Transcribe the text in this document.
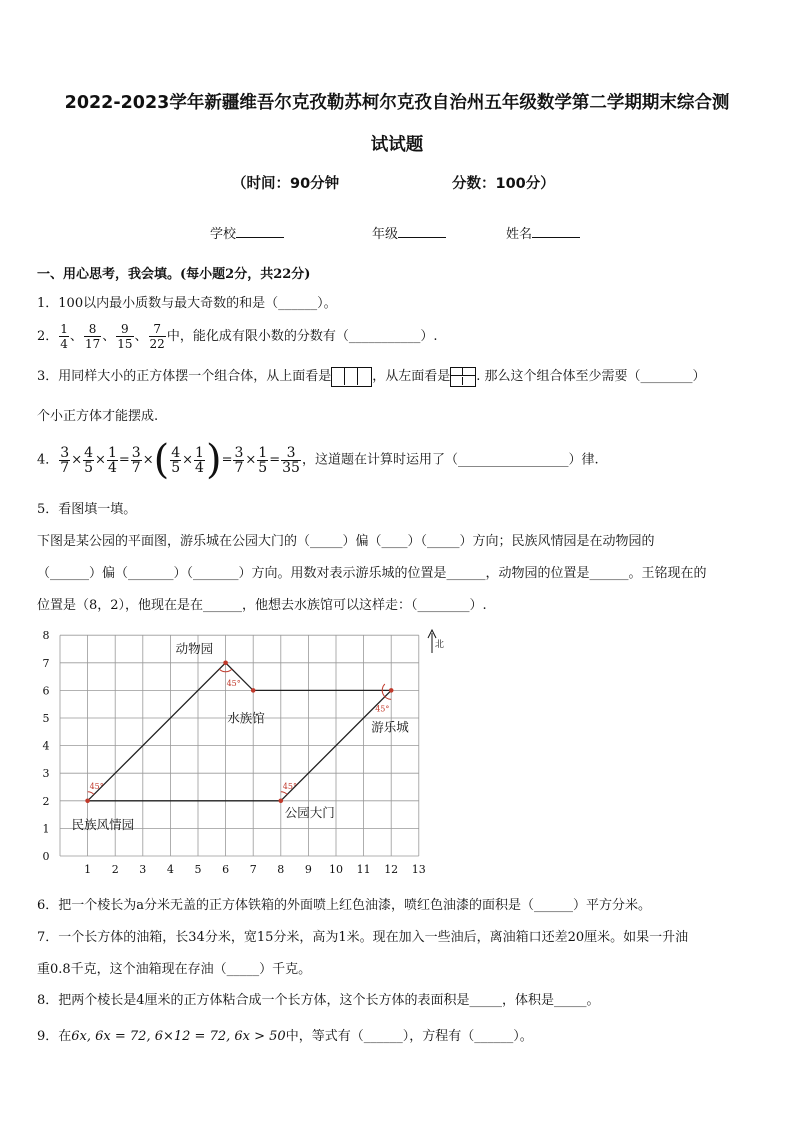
2022-2023学年新疆维吾尔克孜勒苏柯尔克孜自治州五年级数学第二学期期末综合测
试试题
（时间：90分钟	分数：100分）
学校	年级	姓名
一、用心思考，我会填。(每小题2分，共22分)
1．100以内最小质数与最大奇数的和是（______）。
2． $\frac{1}{4}$ 、 $\frac{8}{17}$ 、 $\frac{9}{15}$ 、 $\frac{7}{22}$ 中，能化成有限小数的分数有（___________）.
3．用同样大小的正方体摆一个组合体，从上面看是	，从左面看是 . 那么这个组合体至少需要（________）
个小正方体才能摆成.
4． $\frac{3}{7} \times \frac{4}{5} \times \frac{1}{4} = \frac{3}{7}$ ×( $\frac{4}{5} \times \frac{1}{4}$ )= $\frac{3}{7} \times \frac{1}{5} = \frac{3}{35}$ ，这道题在计算时运用了（_________________）律.
5．看图填一填。
下图是某公园的平面图，游乐城在公园大门的（_____）偏（____）（_____）方向；民族风情园是在动物园的
（______）偏（_______）（_______）方向。用数对表示游乐城的位置是______，动物园的位置是______。王铭现在的
位置是（8，2），他现在是在______，他想去水族馆可以这样走：（________）.
1 2 3 4 5 6 7 8 9 10 11 12 13
0
1
2
3
4
5
6
7
8
民族风情园
动物园
水族馆
游乐城
公园大门
45°	45°
45°
45°
北
6．把一个棱长为a分米无盖的正方体铁箱的外面喷上红色油漆，喷红色油漆的面积是（______）平方分米。
7．一个长方体的油箱，长34分米，宽15分米，高为1米。现在加入一些油后，离油箱口还差20厘米。如果一升油
重0.8千克，这个油箱现在存油（_____）千克。
8．把两个棱长是4厘米的正方体粘合成一个长方体，这个长方体的表面积是_____，体积是_____。
9．在6x, 6x = 72, 6×12 = 72, 6x > 50中，等式有（______），方程有（______）。
